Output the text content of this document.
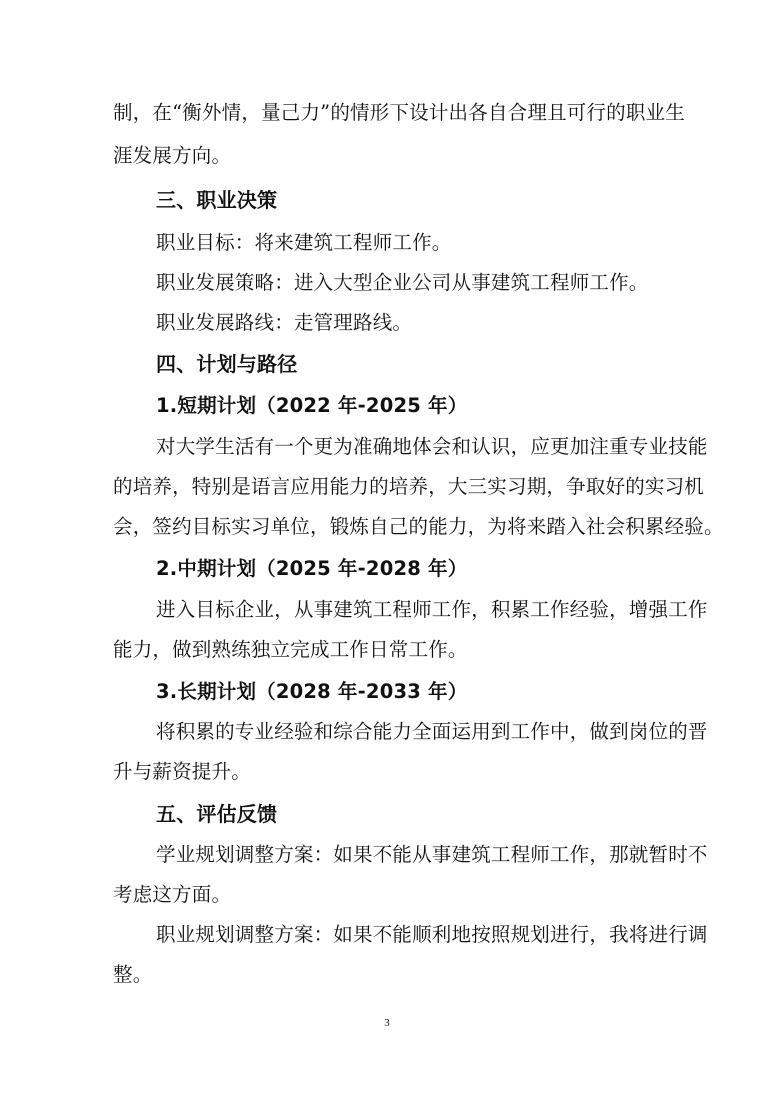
制，在“衡外情，量己力”的情形下设计出各自合理且可行的职业生
涯发展方向。
三、职业决策
职业目标：将来建筑工程师工作。
职业发展策略：进入大型企业公司从事建筑工程师工作。
职业发展路线：走管理路线。
四、计划与路径
1.短期计划（2022 年-2025 年）
对大学生活有一个更为准确地体会和认识，应更加注重专业技能
的培养，特别是语言应用能力的培养，大三实习期，争取好的实习机
会，签约目标实习单位，锻炼自己的能力，为将来踏入社会积累经验。
2.中期计划（2025 年-2028 年）
进入目标企业，从事建筑工程师工作，积累工作经验，增强工作
能力，做到熟练独立完成工作日常工作。
3.长期计划（2028 年-2033 年）
将积累的专业经验和综合能力全面运用到工作中，做到岗位的晋
升与薪资提升。
五、评估反馈
学业规划调整方案：如果不能从事建筑工程师工作，那就暂时不
考虑这方面。
职业规划调整方案：如果不能顺利地按照规划进行，我将进行调
整。
3
